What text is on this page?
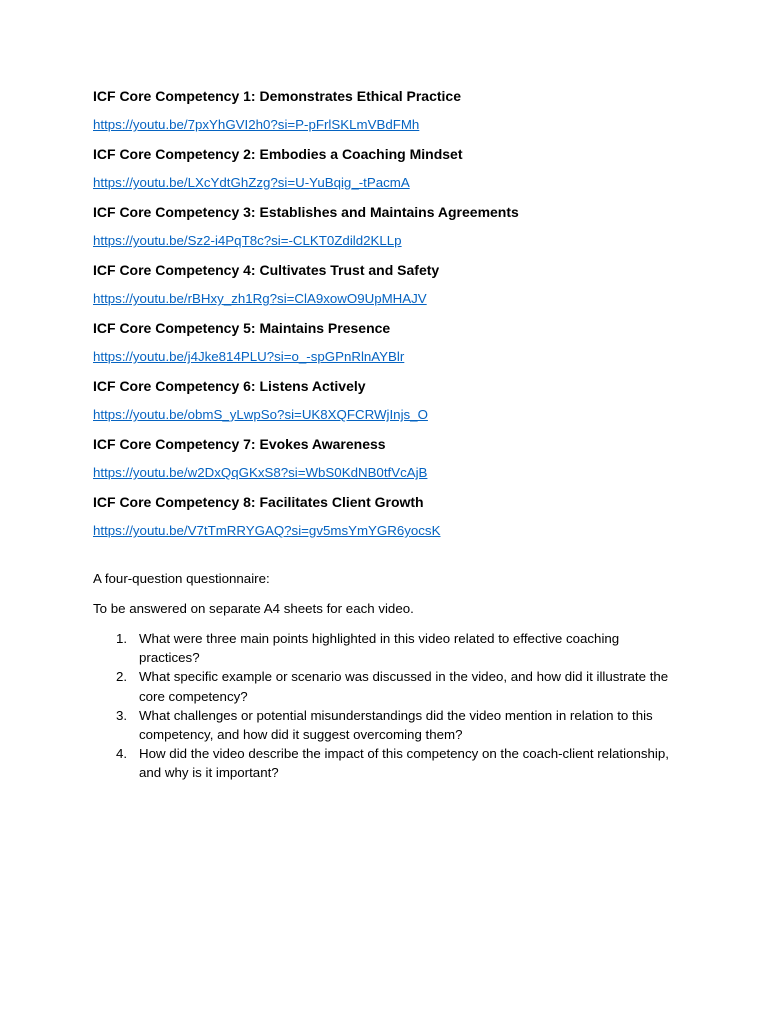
ICF Core Competency 1: Demonstrates Ethical Practice

https://youtu.be/7pxYhGVI2h0?si=P-pFrlSKLmVBdFMh

ICF Core Competency 2: Embodies a Coaching Mindset

https://youtu.be/LXcYdtGhZzg?si=U-YuBqig_-tPacmA

ICF Core Competency 3: Establishes and Maintains Agreements

https://youtu.be/Sz2-i4PqT8c?si=-CLKT0Zdild2KLLp

ICF Core Competency 4: Cultivates Trust and Safety

https://youtu.be/rBHxy_zh1Rg?si=ClA9xowO9UpMHAJV

ICF Core Competency 5: Maintains Presence

https://youtu.be/j4Jke814PLU?si=o_-spGPnRlnAYBlr

ICF Core Competency 6: Listens Actively

https://youtu.be/obmS_yLwpSo?si=UK8XQFCRWjInjs_O

ICF Core Competency 7: Evokes Awareness

https://youtu.be/w2DxQqGKxS8?si=WbS0KdNB0tfVcAjB

ICF Core Competency 8: Facilitates Client Growth

https://youtu.be/V7tTmRRYGAQ?si=gv5msYmYGR6yocsK

A four-question questionnaire:

To be answered on separate A4 sheets for each video.

1. What were three main points highlighted in this video related to effective coaching practices?
2. What specific example or scenario was discussed in the video, and how did it illustrate the core competency?
3. What challenges or potential misunderstandings did the video mention in relation to this competency, and how did it suggest overcoming them?
4. How did the video describe the impact of this competency on the coach-client relationship, and why is it important?
